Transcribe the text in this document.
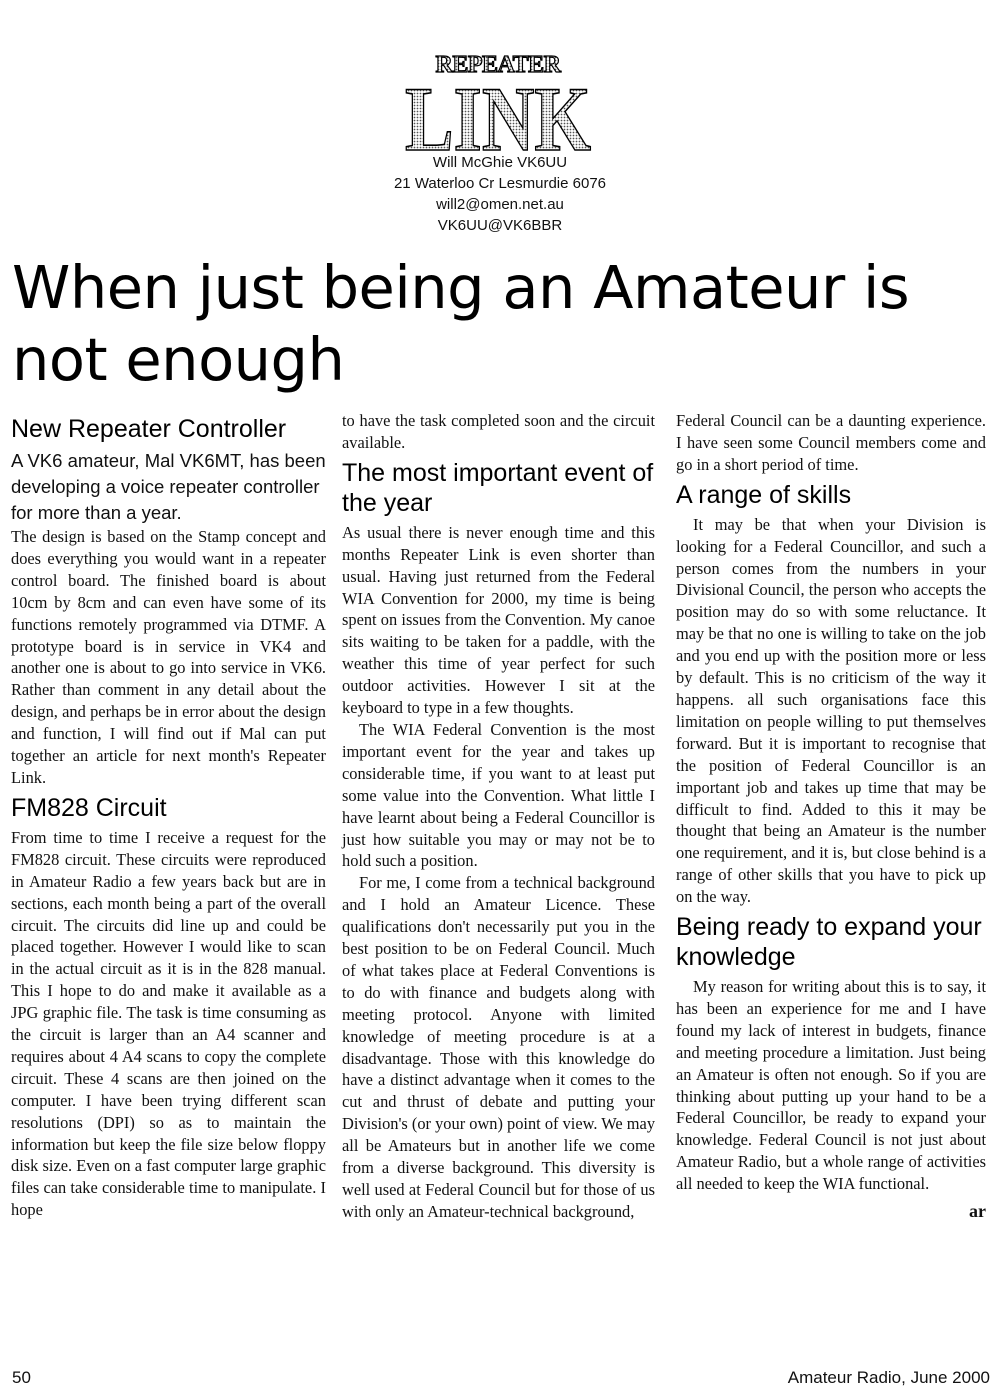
REPEATER
LINK
Will McGhie VK6UU
21 Waterloo Cr Lesmurdie 6076
will2@omen.net.au
VK6UU@VK6BBR
When just being an Amateur is not enough
New Repeater Controller

A VK6 amateur, Mal VK6MT, has been developing a voice repeater controller for more than a year.

The design is based on the Stamp concept and does everything you would want in a repeater control board. The finished board is about 10cm by 8cm and can even have some of its functions remotely programmed via DTMF. A prototype board is in service in VK4 and another one is about to go into service in VK6. Rather than comment in any detail about the design, and perhaps be in error about the design and function, I will find out if Mal can put together an article for next month's Repeater Link.

FM828 Circuit

From time to time I receive a request for the FM828 circuit. These circuits were reproduced in Amateur Radio a few years back but are in sections, each month being a part of the overall circuit. The circuits did line up and could be placed together. However I would like to scan in the actual circuit as it is in the 828 manual. This I hope to do and make it available as a JPG graphic file. The task is time consuming as the circuit is larger than an A4 scanner and requires about 4 A4 scans to copy the complete circuit. These 4 scans are then joined on the computer. I have been trying different scan resolutions (DPI) so as to maintain the information but keep the file size below floppy disk size. Even on a fast computer large graphic files can take considerable time to manipulate. I hope

to have the task completed soon and the circuit available.

The most important event of the year

As usual there is never enough time and this months Repeater Link is even shorter than usual. Having just returned from the Federal WIA Convention for 2000, my time is being spent on issues from the Convention. My canoe sits waiting to be taken for a paddle, with the weather this time of year perfect for such outdoor activities. However I sit at the keyboard to type in a few thoughts.

The WIA Federal Convention is the most important event for the year and takes up considerable time, if you want to at least put some value into the Convention. What little I have learnt about being a Federal Councillor is just how suitable you may or may not be to hold such a position.

For me, I come from a technical background and I hold an Amateur Licence. These qualifications don't necessarily put you in the best position to be on Federal Council. Much of what takes place at Federal Conventions is to do with finance and budgets along with meeting protocol. Anyone with limited knowledge of meeting procedure is at a disadvantage. Those with this knowledge do have a distinct advantage when it comes to the cut and thrust of debate and putting your Division's (or your own) point of view. We may all be Amateurs but in another life we come from a diverse background. This diversity is well used at Federal Council but for those of us with only an Amateur-technical background,

Federal Council can be a daunting experience. I have seen some Council members come and go in a short period of time.

A range of skills

It may be that when your Division is looking for a Federal Councillor, and such a person comes from the numbers in your Divisional Council, the person who accepts the position may do so with some reluctance. It may be that no one is willing to take on the job and you end up with the position more or less by default. This is no criticism of the way it happens. all such organisations face this limitation on people willing to put themselves forward. But it is important to recognise that the position of Federal Councillor is an important job and takes up time that may be difficult to find. Added to this it may be thought that being an Amateur is the number one requirement, and it is, but close behind is a range of other skills that you have to pick up on the way.

Being ready to expand your knowledge

My reason for writing about this is to say, it has been an experience for me and I have found my lack of interest in budgets, finance and meeting procedure a limitation. Just being an Amateur is often not enough. So if you are thinking about putting up your hand to be a Federal Councillor, be ready to expand your knowledge. Federal Council is not just about Amateur Radio, but a whole range of activities all needed to keep the WIA functional.

ar
50	Amateur Radio, June 2000
